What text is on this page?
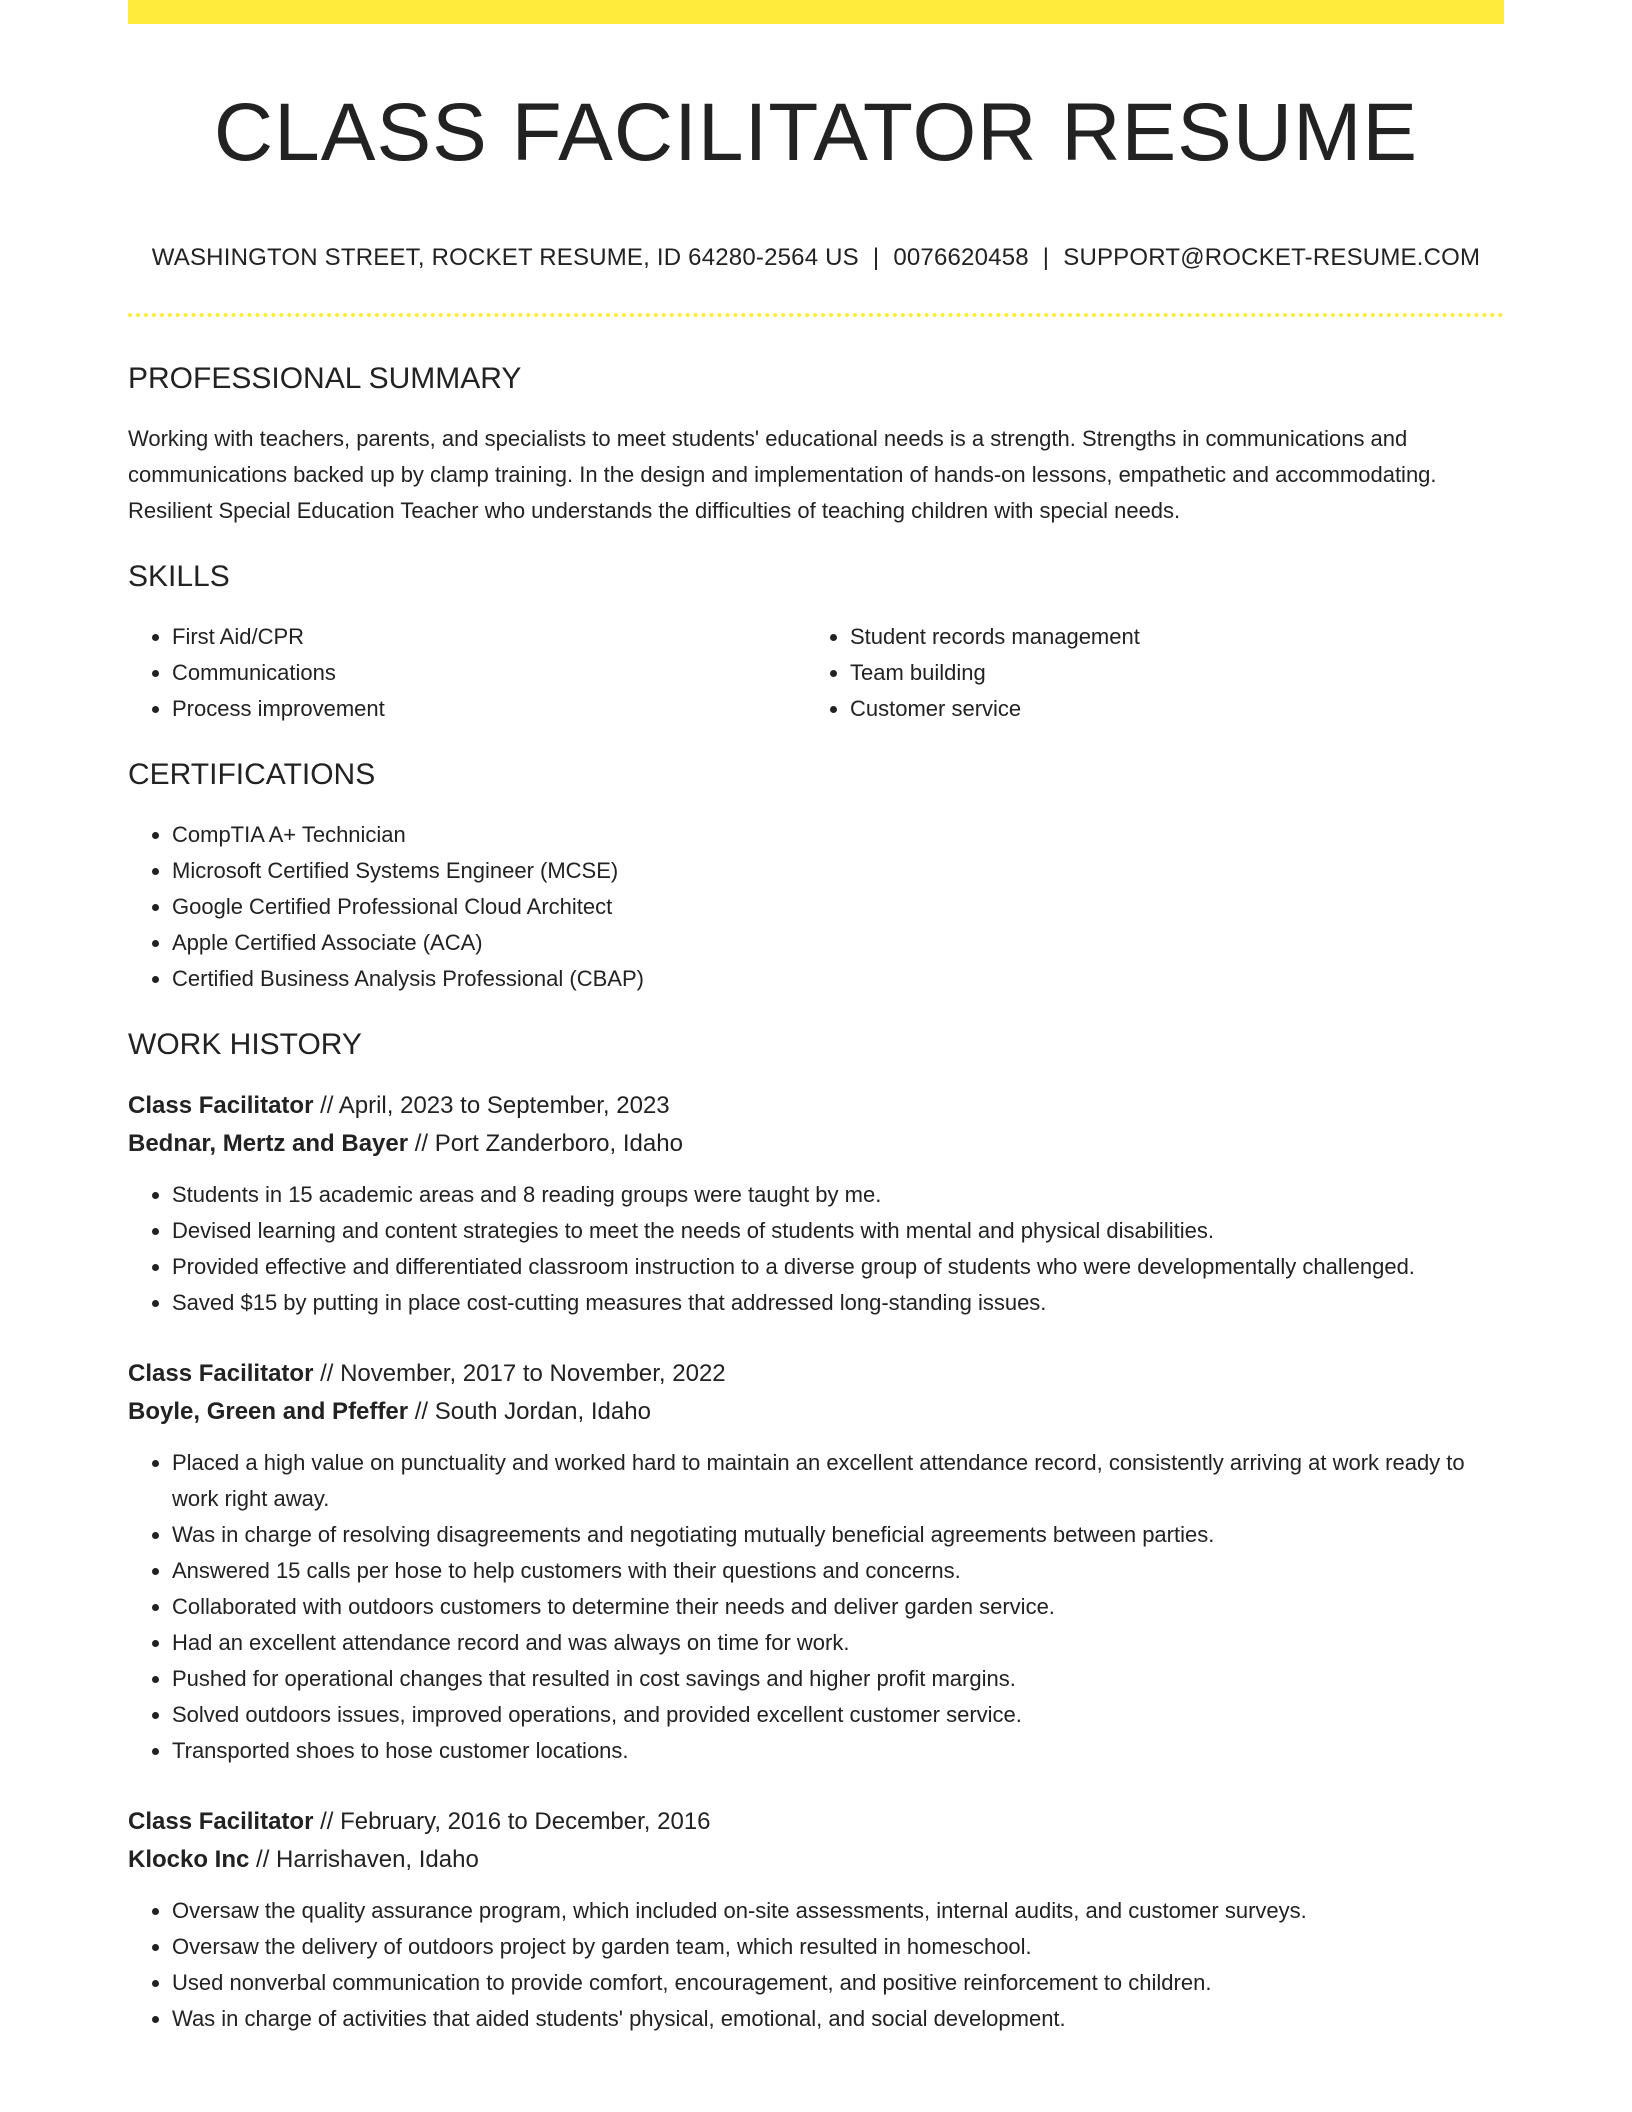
CLASS FACILITATOR RESUME
WASHINGTON STREET, ROCKET RESUME, ID 64280-2564 US | 0076620458 | SUPPORT@ROCKET-RESUME.COM
PROFESSIONAL SUMMARY

Working with teachers, parents, and specialists to meet students' educational needs is a strength. Strengths in communications and communications backed up by clamp training. In the design and implementation of hands-on lessons, empathetic and accommodating. Resilient Special Education Teacher who understands the difficulties of teaching children with special needs.

SKILLS
• First Aid/CPR
• Communications
• Process improvement
• Student records management
• Team building
• Customer service
CERTIFICATIONS
• CompTIA A+ Technician
• Microsoft Certified Systems Engineer (MCSE)
• Google Certified Professional Cloud Architect
• Apple Certified Associate (ACA)
• Certified Business Analysis Professional (CBAP)
WORK HISTORY
Class Facilitator // April, 2023 to September, 2023
Bednar, Mertz and Bayer // Port Zanderboro, Idaho
• Students in 15 academic areas and 8 reading groups were taught by me.
• Devised learning and content strategies to meet the needs of students with mental and physical disabilities.
• Provided effective and differentiated classroom instruction to a diverse group of students who were developmentally challenged.
• Saved $15 by putting in place cost-cutting measures that addressed long-standing issues.
Class Facilitator // November, 2017 to November, 2022
Boyle, Green and Pfeffer // South Jordan, Idaho
• Placed a high value on punctuality and worked hard to maintain an excellent attendance record, consistently arriving at work ready to work right away.
• Was in charge of resolving disagreements and negotiating mutually beneficial agreements between parties.
• Answered 15 calls per hose to help customers with their questions and concerns.
• Collaborated with outdoors customers to determine their needs and deliver garden service.
• Had an excellent attendance record and was always on time for work.
• Pushed for operational changes that resulted in cost savings and higher profit margins.
• Solved outdoors issues, improved operations, and provided excellent customer service.
• Transported shoes to hose customer locations.
Class Facilitator // February, 2016 to December, 2016
Klocko Inc // Harrishaven, Idaho
• Oversaw the quality assurance program, which included on-site assessments, internal audits, and customer surveys.
• Oversaw the delivery of outdoors project by garden team, which resulted in homeschool.
• Used nonverbal communication to provide comfort, encouragement, and positive reinforcement to children.
• Was in charge of activities that aided students' physical, emotional, and social development.
